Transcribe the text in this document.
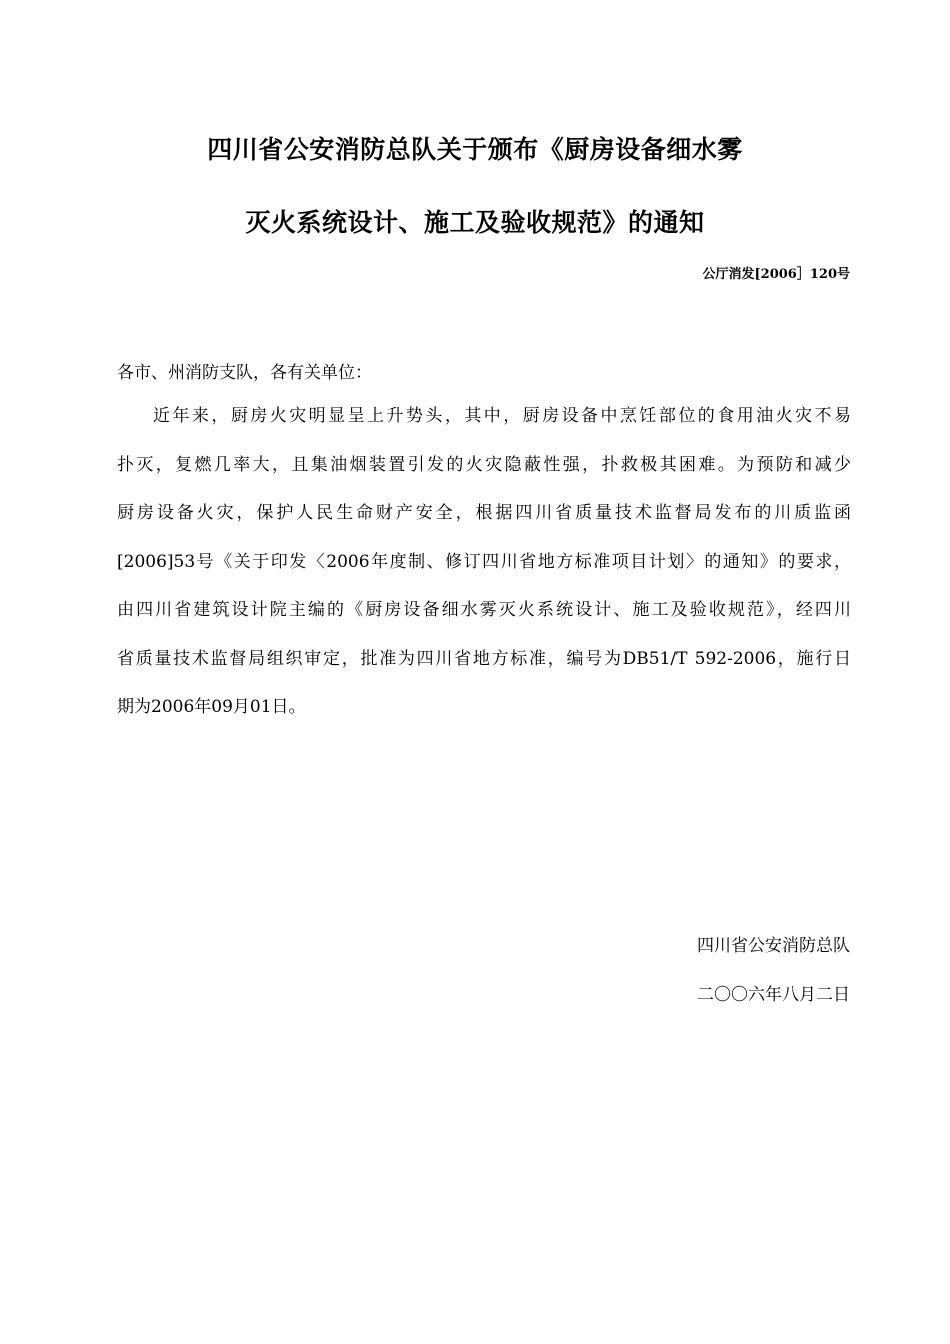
四川省公安消防总队关于颁布《厨房设备细水雾
灭火系统设计、施工及验收规范》的通知
公厅消发[2006］120号
各市、州消防支队，各有关单位：
近年来，厨房火灾明显呈上升势头，其中，厨房设备中烹饪部位的食用油火灾不易
扑灭，复燃几率大，且集油烟装置引发的火灾隐蔽性强，扑救极其困难。为预防和减少
厨房设备火灾，保护人民生命财产安全，根据四川省质量技术监督局发布的川质监函
[2006]53号《关于印发〈2006年度制、修订四川省地方标准项目计划〉的通知》的要求，
由四川省建筑设计院主编的《厨房设备细水雾灭火系统设计、施工及验收规范》，经四川
省质量技术监督局组织审定，批准为四川省地方标准，编号为DB51/T 592-2006，施行日
期为2006年09月01日。
四川省公安消防总队
二〇〇六年八月二日
